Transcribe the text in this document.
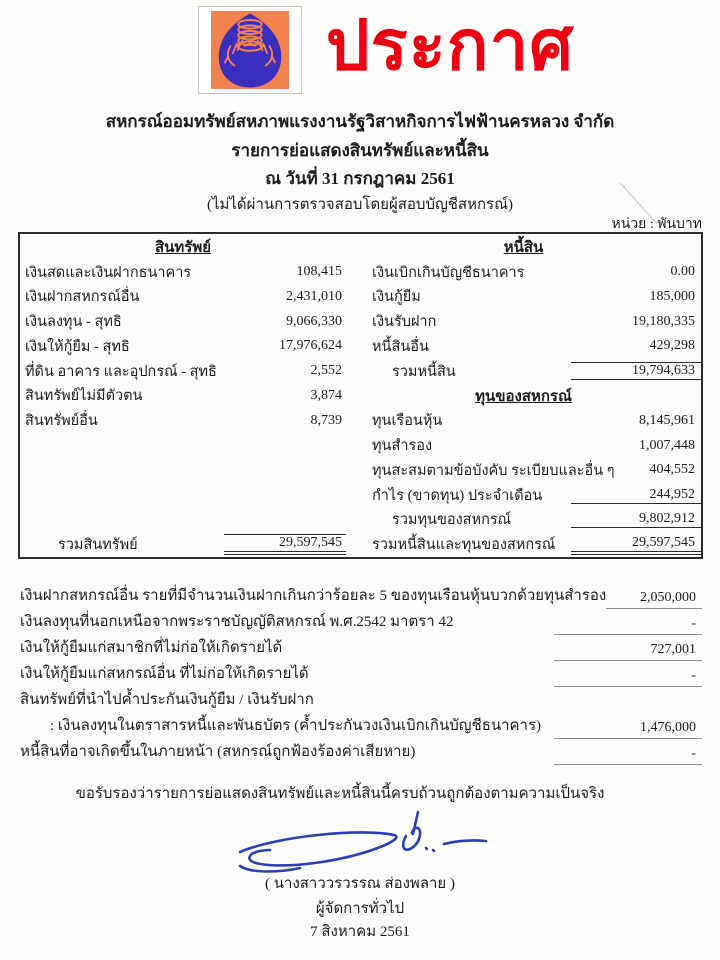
ประกาศ
สหกรณ์ออมทรัพย์สหภาพแรงงานรัฐวิสาหกิจการไฟฟ้านครหลวง จำกัด
รายการย่อแสดงสินทรัพย์และหนี้สิน
ณ วันที่ 31 กรกฎาคม 2561
(ไม่ได้ผ่านการตรวจสอบโดยผู้สอบบัญชีสหกรณ์)
หน่วย : พันบาท
สินทรัพย์
เงินสดและเงินฝากธนาคาร	108,415
เงินฝากสหกรณ์อื่น	2,431,010
เงินลงทุน - สุทธิ	9,066,330
เงินให้กู้ยืม - สุทธิ	17,976,624
ที่ดิน อาคาร และอุปกรณ์ - สุทธิ	2,552
สินทรัพย์ไม่มีตัวตน	3,874
สินทรัพย์อื่น	8,739
รวมสินทรัพย์	29,597,545
หนี้สิน
เงินเบิกเกินบัญชีธนาคาร	0.00
เงินกู้ยืม	185,000
เงินรับฝาก	19,180,335
หนี้สินอื่น	429,298
รวมหนี้สิน	19,794,633
ทุนของสหกรณ์
ทุนเรือนหุ้น	8,145,961
ทุนสำรอง	1,007,448
ทุนสะสมตามข้อบังคับ ระเบียบและอื่น ๆ	404,552
กำไร (ขาดทุน) ประจำเดือน	244,952
รวมทุนของสหกรณ์	9,802,912
รวมหนี้สินและทุนของสหกรณ์	29,597,545
เงินฝากสหกรณ์อื่น รายที่มีจำนวนเงินฝากเกินกว่าร้อยละ 5 ของทุนเรือนหุ้นบวกด้วยทุนสำรอง	2,050,000
เงินลงทุนที่นอกเหนือจากพระราชบัญญัติสหกรณ์ พ.ศ.2542 มาตรา 42	-
เงินให้กู้ยืมแก่สมาชิกที่ไม่ก่อให้เกิดรายได้	727,001
เงินให้กู้ยืมแก่สหกรณ์อื่น ที่ไม่ก่อให้เกิดรายได้	-
สินทรัพย์ที่นำไปค้ำประกันเงินกู้ยืม / เงินรับฝาก
: เงินลงทุนในตราสารหนี้และพันธบัตร (ค้ำประกันวงเงินเบิกเกินบัญชีธนาคาร)	1,476,000
หนี้สินที่อาจเกิดขึ้นในภายหน้า (สหกรณ์ถูกฟ้องร้องค่าเสียหาย)	-
ขอรับรองว่ารายการย่อแสดงสินทรัพย์และหนี้สินนี้ครบถ้วนถูกต้องตามความเป็นจริง
( นางสาววรวรรณ ส่องพลาย )
ผู้จัดการทั่วไป
7 สิงหาคม 2561
